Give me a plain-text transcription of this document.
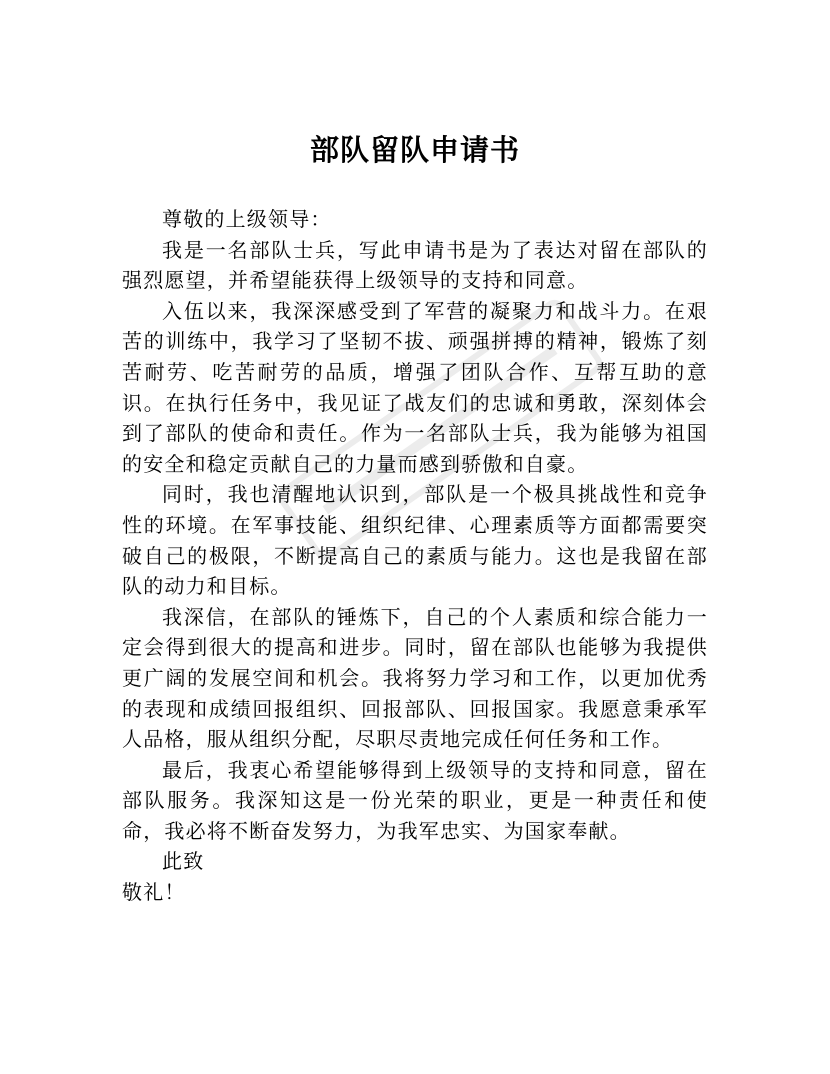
部队留队申请书

尊敬的上级领导：

我是一名部队士兵，写此申请书是为了表达对留在部队的强烈愿望，并希望能获得上级领导的支持和同意。

入伍以来，我深深感受到了军营的凝聚力和战斗力。在艰苦的训练中，我学习了坚韧不拔、顽强拼搏的精神，锻炼了刻苦耐劳、吃苦耐劳的品质，增强了团队合作、互帮互助的意识。在执行任务中，我见证了战友们的忠诚和勇敢，深刻体会到了部队的使命和责任。作为一名部队士兵，我为能够为祖国的安全和稳定贡献自己的力量而感到骄傲和自豪。

同时，我也清醒地认识到，部队是一个极具挑战性和竞争性的环境。在军事技能、组织纪律、心理素质等方面都需要突破自己的极限，不断提高自己的素质与能力。这也是我留在部队的动力和目标。

我深信，在部队的锤炼下，自己的个人素质和综合能力一定会得到很大的提高和进步。同时，留在部队也能够为我提供更广阔的发展空间和机会。我将努力学习和工作，以更加优秀的表现和成绩回报组织、回报部队、回报国家。我愿意秉承军人品格，服从组织分配，尽职尽责地完成任何任务和工作。

最后，我衷心希望能够得到上级领导的支持和同意，留在部队服务。我深知这是一份光荣的职业，更是一种责任和使命，我必将不断奋发努力，为我军忠实、为国家奉献。

此致

敬礼！
